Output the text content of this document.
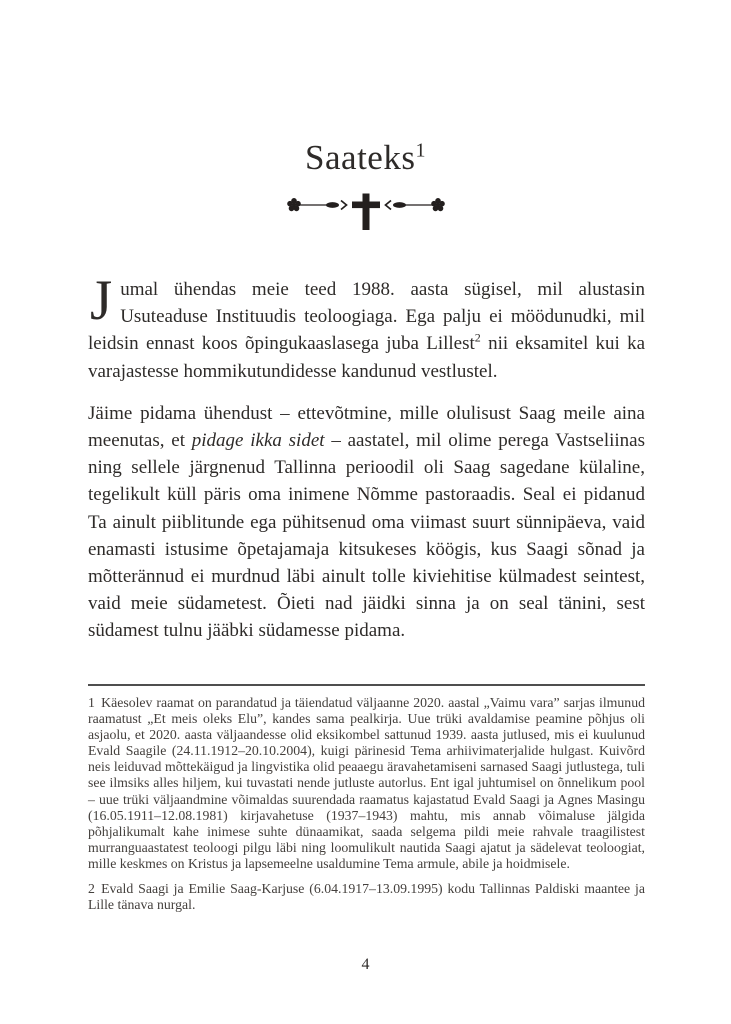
Saateks$^1$

Jumal ühendas meie teed 1988. aasta sügisel, mil alustasin Usuteaduse Instituudis teoloogiaga. Ega palju ei möödunudki, mil leidsin ennast koos õpingukaaslasega juba Lillest$^2$ nii eksamitel kui ka varajastesse hommikutundidesse kandunud vestlustel.

Jäime pidama ühendust – ettevõtmine, mille olulisust Saag meile aina meenutas, et pidage ikka sidet – aastatel, mil olime perega Vastseliinas ning sellele järgnenud Tallinna perioodil oli Saag sagedane külaline, tegelikult küll päris oma inimene Nõmme pastoraadis. Seal ei pidanud Ta ainult piiblitunde ega pühitsenud oma viimast suurt sünnipäeva, vaid enamasti istusime õpetajamaja kitsukeses köögis, kus Saagi sõnad ja mõtterännud ei murdnud läbi ainult tolle kiviehitise külmadest seintest, vaid meie südametest. Õieti nad jäidki sinna ja on seal tänini, sest südamest tulnu jääbki südamesse pidama.

1 Käesolev raamat on parandatud ja täiendatud väljaanne 2020. aastal „Vaimu vara” sarjas ilmunud raamatust „Et meis oleks Elu”, kandes sama pealkirja. Uue trüki avaldamise peamine põhjus oli asjaolu, et 2020. aasta väljaandesse olid eksikombel sattunud 1939. aasta jutlused, mis ei kuulunud Evald Saagile (24.11.1912–20.10.2004), kuigi pärinesid Tema arhiivimaterjalide hulgast. Kuivõrd neis leiduvad mõttekäigud ja lingvistika olid peaaegu äravahetamiseni sarnased Saagi jutlustega, tuli see ilmsiks alles hiljem, kui tuvastati nende jutluste autorlus. Ent igal juhtumisel on õnnelikum pool – uue trüki väljaandmine võimaldas suurendada raamatus kajastatud Evald Saagi ja Agnes Masingu (16.05.1911–12.08.1981) kirjavahetuse (1937–1943) mahtu, mis annab võimaluse jälgida põhjalikumalt kahe inimese suhte dünaamikat, saada selgema pildi meie rahvale traagilistest murranguaastatest teoloogi pilgu läbi ning loomulikult nautida Saagi ajatut ja sädelevat teoloogiat, mille keskmes on Kristus ja lapsemeelne usaldumine Tema armule, abile ja hoidmisele.

2 Evald Saagi ja Emilie Saag-Karjuse (6.04.1917–13.09.1995) kodu Tallinnas Paldiski maantee ja Lille tänava nurgal.

4
